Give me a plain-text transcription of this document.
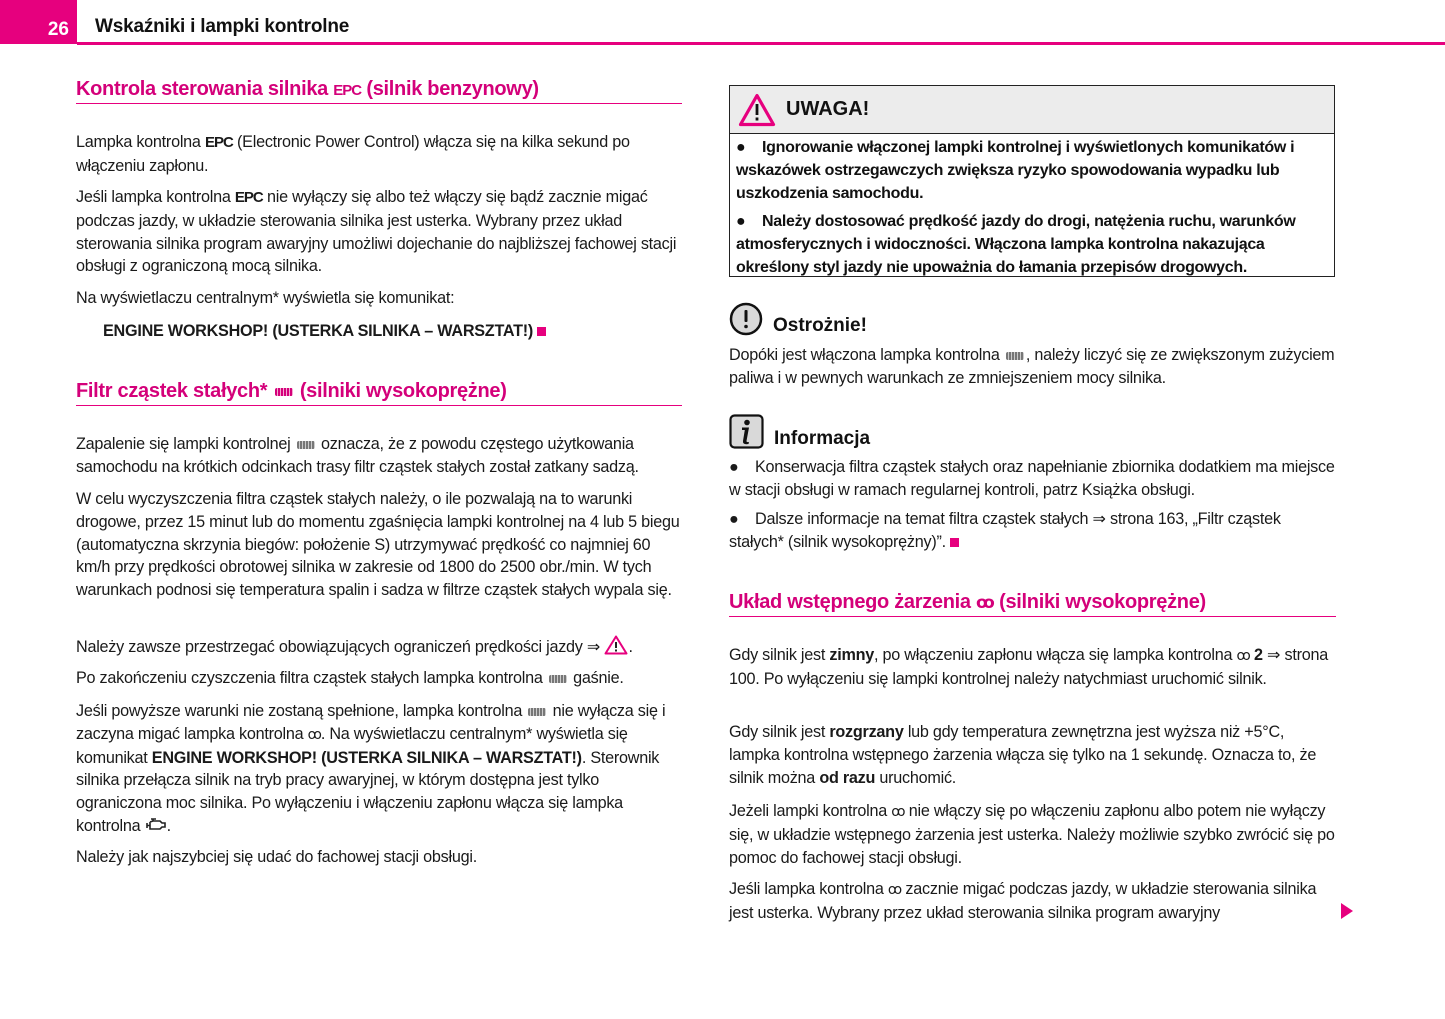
26 Wskaźniki i lampki kontrolne
Kontrola sterowania silnika EPC (silnik benzynowy)
Lampka kontrolna EPC (Electronic Power Control) włącza się na kilka sekund po włączeniu zapłonu.
Jeśli lampka kontrolna EPC nie wyłączy się albo też włączy się bądź zacznie migać podczas jazdy, w układzie sterowania silnika jest usterka. Wybrany przez układ sterowania silnika program awaryjny umożliwi dojechanie do najbliższej fachowej stacji obsługi z ograniczoną mocą silnika.
Na wyświetlaczu centralnym* wyświetla się komunikat:
ENGINE WORKSHOP! (USTERKA SILNIKA – WARSZTAT!)
Filtr cząstek stałych* (silniki wysokoprężne)
Zapalenie się lampki kontrolnej oznacza, że z powodu częstego użytkowania samochodu na krótkich odcinkach trasy filtr cząstek stałych został zatkany sadzą.
W celu wyczyszczenia filtra cząstek stałych należy, o ile pozwalają na to warunki drogowe, przez 15 minut lub do momentu zgaśnięcia lampki kontrolnej na 4 lub 5 biegu (automatyczna skrzynia biegów: położenie S) utrzymywać prędkość co najmniej 60 km/h przy prędkości obrotowej silnika w zakresie od 1800 do 2500 obr./min. W tych warunkach podnosi się temperatura spalin i sadza w filtrze cząstek stałych wypala się.
Należy zawsze przestrzegać obowiązujących ograniczeń prędkości jazdy ⇒ .
Po zakończeniu czyszczenia filtra cząstek stałych lampka kontrolna gaśnie.
Jeśli powyższe warunki nie zostaną spełnione, lampka kontrolna nie wyłącza się i zaczyna migać lampka kontrolna ꝏ. Na wyświetlaczu centralnym* wyświetla się komunikat ENGINE WORKSHOP! (USTERKA SILNIKA – WARSZTAT!). Sterownik silnika przełącza silnik na tryb pracy awaryjnej, w którym dostępna jest tylko ograniczona moc silnika. Po wyłączeniu i włączeniu zapłonu włącza się lampka kontrolna .
Należy jak najszybciej się udać do fachowej stacji obsługi.
UWAGA!
● Ignorowanie włączonej lampki kontrolnej i wyświetlonych komunikatów i wskazówek ostrzegawczych zwiększa ryzyko spowodowania wypadku lub uszkodzenia samochodu.
● Należy dostosować prędkość jazdy do drogi, natężenia ruchu, warunków atmosferycznych i widoczności. Włączona lampka kontrolna nakazująca określony styl jazdy nie upoważnia do łamania przepisów drogowych.
Ostrożnie!
Dopóki jest włączona lampka kontrolna , należy liczyć się ze zwiększonym zużyciem paliwa i w pewnych warunkach ze zmniejszeniem mocy silnika.
Informacja
● Konserwacja filtra cząstek stałych oraz napełnianie zbiornika dodatkiem ma miejsce w stacji obsługi w ramach regularnej kontroli, patrz Książka obsługi.
● Dalsze informacje na temat filtra cząstek stałych ⇒ strona 163, „Filtr cząstek stałych* (silnik wysokoprężny)”.
Układ wstępnego żarzenia ꝏ (silniki wysokoprężne)
Gdy silnik jest zimny, po włączeniu zapłonu włącza się lampka kontrolna ꝏ 2 ⇒ strona 100. Po wyłączeniu się lampki kontrolnej należy natychmiast uruchomić silnik.
Gdy silnik jest rozgrzany lub gdy temperatura zewnętrzna jest wyższa niż +5°C, lampka kontrolna wstępnego żarzenia włącza się tylko na 1 sekundę. Oznacza to, że silnik można od razu uruchomić.
Jeżeli lampki kontrolna ꝏ nie włączy się po włączeniu zapłonu albo potem nie wyłączy się, w układzie wstępnego żarzenia jest usterka. Należy możliwie szybko zwrócić się po pomoc do fachowej stacji obsługi.
Jeśli lampka kontrolna ꝏ zacznie migać podczas jazdy, w układzie sterowania silnika jest usterka. Wybrany przez układ sterowania silnika program awaryjny
